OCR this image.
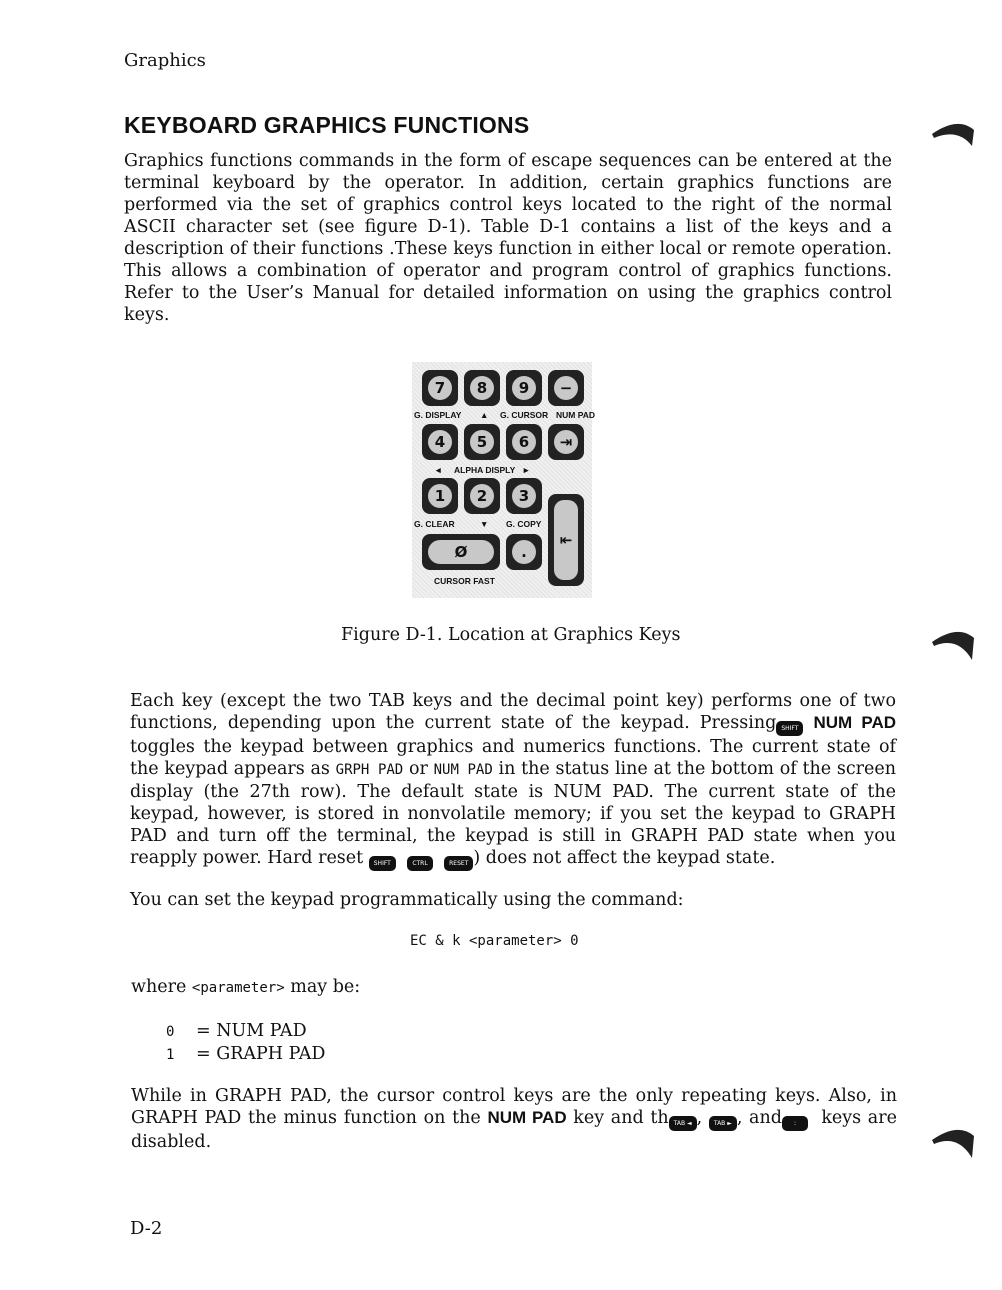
Graphics
KEYBOARD GRAPHICS FUNCTIONS

Graphics functions commands in the form of escape sequences can be entered at the terminal keyboard by the operator. In addition, certain graphics functions are performed via the set of graphics control keys located to the right of the normal ASCII character set (see figure D-1). Table D-1 contains a list of the keys and a description of their functions .These keys function in either local or remote operation. This allows a combination of operator and program control of graphics functions. Refer to the User’s Manual for detailed information on using the graphics control keys.

7	8	9	−
G. DISPLAY ▲ G. CURSOR NUM PAD
4	5	6	⇥
◄ ALPHA DISPLY ►
1	2	3
⇤
G. CLEAR	▼ G. COPY
Ø	.
CURSOR FAST
Figure D-1. Location at Graphics Keys

Each key (except the two TAB keys and the decimal point key) performs one of two functions, depending upon the current state of the keypad. Pressing SHIFT NUM PAD toggles the keypad between graphics and numerics functions. The current state of the keypad appears as GRPH PAD or NUM PAD in the status line at the bottom of the screen display (the 27th row). The default state is NUM PAD. The current state of the keypad, however, is stored in nonvolatile memory; if you set the keypad to GRAPH PAD and turn off the terminal, the keypad is still in GRAPH PAD state when you reapply power. Hard reset SHIFT	CTRL	RESET ) does not affect the keypad state.

You can set the keypad programmatically using the command:

EC & k <parameter> 0

where <parameter> may be:

0 = NUM PAD
1 = GRAPH PAD

While in GRAPH PAD, the cursor control keys are the only repeating keys. Also, in GRAPH PAD the minus function on the NUM PAD key and th TAB ◄ , TAB ► , and : keys are disabled.

D-2
